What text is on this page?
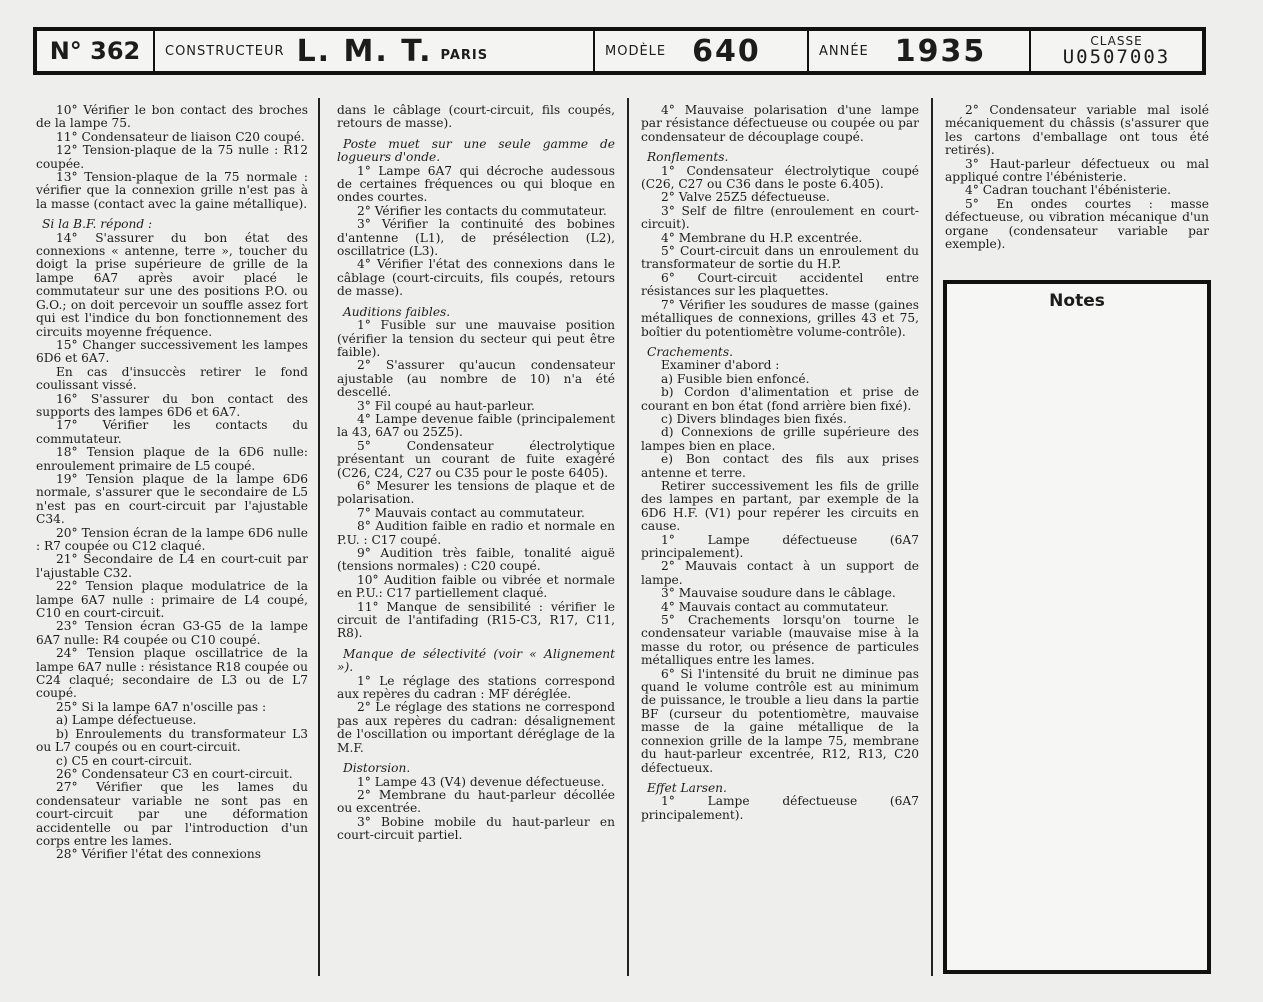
N° 362 CONSTRUCTEUR L. M. T. PARIS	MODÈLE 640	ANNÉE 1935	CLASSE
U0507003

10° Vérifier le bon contact des broches de la lampe 75.

11° Condensateur de liaison C20 coupé.

12° Tension-plaque de la 75 nulle : R12 coupée.

13° Tension-plaque de la 75 normale : vérifier que la connexion grille n'est pas à la masse (contact avec la gaine métallique).

Si la B.F. répond :

14° S'assurer du bon état des connexions « antenne, terre », toucher du doigt la prise supérieure de grille de la lampe 6A7 après avoir placé le commutateur sur une des positions P.O. ou G.O.; on doit percevoir un souffle assez fort qui est l'indice du bon fonctionnement des circuits moyenne fréquence.

15° Changer successivement les lampes 6D6 et 6A7.

En cas d'insuccès retirer le fond coulissant vissé.

16° S'assurer du bon contact des supports des lampes 6D6 et 6A7.

17° Vérifier les contacts du commutateur.

18° Tension plaque de la 6D6 nulle: enroulement primaire de L5 coupé.

19° Tension plaque de la lampe 6D6 normale, s'assurer que le secondaire de L5 n'est pas en court-circuit par l'ajustable C34.

20° Tension écran de la lampe 6D6 nulle : R7 coupée ou C12 claqué.

21° Secondaire de L4 en court-cuit par l'ajustable C32.

22° Tension plaque modulatrice de la lampe 6A7 nulle : primaire de L4 coupé, C10 en court-circuit.

23° Tension écran G3-G5 de la lampe 6A7 nulle: R4 coupée ou C10 coupé.

24° Tension plaque oscillatrice de la lampe 6A7 nulle : résistance R18 coupée ou C24 claqué; secondaire de L3 ou de L7 coupé.

25° Si la lampe 6A7 n'oscille pas :

a) Lampe défectueuse.

b) Enroulements du transformateur L3 ou L7 coupés ou en court-circuit.

c) C5 en court-circuit.

26° Condensateur C3 en court-circuit.

27° Vérifier que les lames du condensateur variable ne sont pas en court-circuit par une déformation accidentelle ou par l'introduction d'un corps entre les lames.

28° Vérifier l'état des connexions

dans le câblage (court-circuit, fils coupés, retours de masse).

Poste muet sur une seule gamme de logueurs d'onde.

1° Lampe 6A7 qui décroche audessous de certaines fréquences ou qui bloque en ondes courtes.

2° Vérifier les contacts du commutateur.

3° Vérifier la continuité des bobines d'antenne (L1), de présélection (L2), oscillatrice (L3).

4° Vérifier l'état des connexions dans le câblage (court-circuits, fils coupés, retours de masse).

Auditions faibles.

1° Fusible sur une mauvaise position (vérifier la tension du secteur qui peut être faible).

2° S'assurer qu'aucun condensateur ajustable (au nombre de 10) n'a été descellé.

3° Fil coupé au haut-parleur.

4° Lampe devenue faible (principalement la 43, 6A7 ou 25Z5).

5° Condensateur électrolytique présentant un courant de fuite exagéré (C26, C24, C27 ou C35 pour le poste 6405).

6° Mesurer les tensions de plaque et de polarisation.

7° Mauvais contact au commutateur.

8° Audition faible en radio et normale en P.U. : C17 coupé.

9° Audition très faible, tonalité aiguë (tensions normales) : C20 coupé.

10° Audition faible ou vibrée et normale en P.U.: C17 partiellement claqué.

11° Manque de sensibilité : vérifier le circuit de l'antifading (R15-C3, R17, C11, R8).

Manque de sélectivité (voir « Alignement »).

1° Le réglage des stations correspond aux repères du cadran : MF déréglée.

2° Le réglage des stations ne correspond pas aux repères du cadran: désalignement de l'oscillation ou important déréglage de la M.F.

Distorsion.

1° Lampe 43 (V4) devenue défectueuse.

2° Membrane du haut-parleur décollée ou excentrée.

3° Bobine mobile du haut-parleur en court-circuit partiel.

4° Mauvaise polarisation d'une lampe par résistance défectueuse ou coupée ou par condensateur de découplage coupé.

Ronflements.

1° Condensateur électrolytique coupé (C26, C27 ou C36 dans le poste 6.405).

2° Valve 25Z5 défectueuse.

3° Self de filtre (enroulement en court-circuit).

4° Membrane du H.P. excentrée.

5° Court-circuit dans un enroulement du transformateur de sortie du H.P.

6° Court-circuit accidentel entre résistances sur les plaquettes.

7° Vérifier les soudures de masse (gaines métalliques de connexions, grilles 43 et 75, boîtier du potentiomètre volume-contrôle).

Crachements.

Examiner d'abord :

a) Fusible bien enfoncé.

b) Cordon d'alimentation et prise de courant en bon état (fond arrière bien fixé).

c) Divers blindages bien fixés.

d) Connexions de grille supérieure des lampes bien en place.

e) Bon contact des fils aux prises antenne et terre.

Retirer successivement les fils de grille des lampes en partant, par exemple de la 6D6 H.F. (V1) pour repérer les circuits en cause.

1° Lampe défectueuse (6A7 principalement).

2° Mauvais contact à un support de lampe.

3° Mauvaise soudure dans le câblage.

4° Mauvais contact au commutateur.

5° Crachements lorsqu'on tourne le condensateur variable (mauvaise mise à la masse du rotor, ou présence de particules métalliques entre les lames.

6° Si l'intensité du bruit ne diminue pas quand le volume contrôle est au minimum de puissance, le trouble a lieu dans la partie BF (curseur du potentiomètre, mauvaise masse de la gaine métallique de la connexion grille de la lampe 75, membrane du haut-parleur excentrée, R12, R13, C20 défectueux.

Effet Larsen.

1° Lampe défectueuse (6A7 principalement).

2° Condensateur variable mal isolé mécaniquement du châssis (s'assurer que les cartons d'emballage ont tous été retirés).

3° Haut-parleur défectueux ou mal appliqué contre l'ébénisterie.

4° Cadran touchant l'ébénisterie.

5° En ondes courtes : masse défectueuse, ou vibration mécanique d'un organe (condensateur variable par exemple).

Notes
